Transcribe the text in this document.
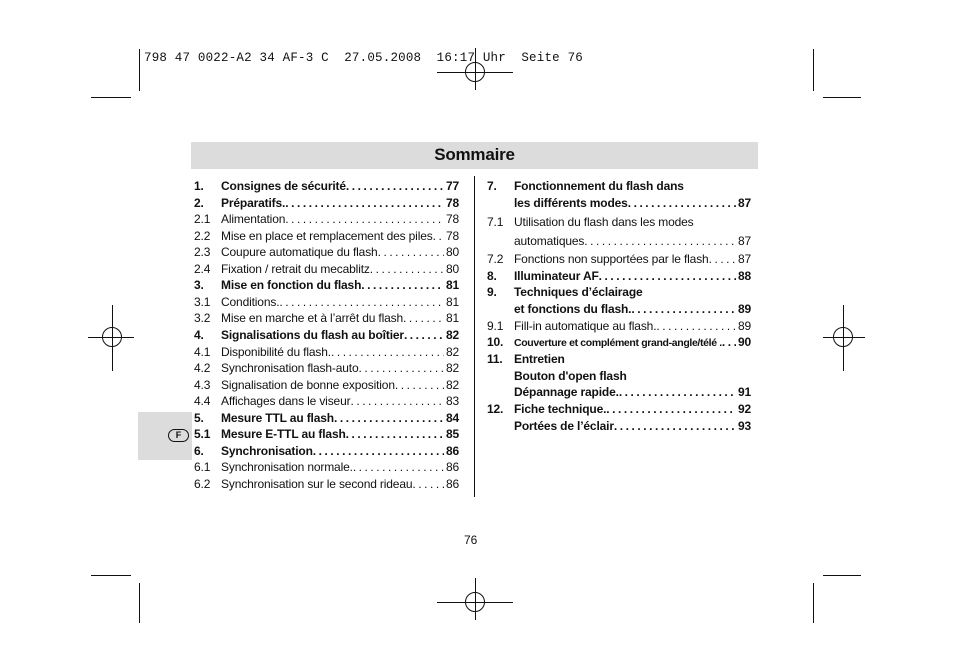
798 47 0022-A2 34 AF-3 C  27.05.2008  16:17 Uhr  Seite 76
Sommaire
F
1.	Consignes de sécurité . . .	77
2.	Préparatifs. . . .	78
2.1 Alimentation . . .	78
2.2 Mise en place et remplacement des piles . . . 78
2.3 Coupure automatique du flash . . .	80
2.4 Fixation / retrait du mecablitz . . .	80
3.	Mise en fonction du flash . . .	81
3.1 Conditions. . . .	81
3.2 Mise en marche et à l’arrêt du flash . . .	81
4.	Signalisations du flash au boîtier . . .	82
4.1 Disponibilité du flash. . . .	82
4.2 Synchronisation flash-auto . . .	82
4.3 Signalisation de bonne exposition . . .	82
4.4 Affichages dans le viseur . . .	83
5.	Mesure TTL au flash . . .	84
5.1 Mesure E-TTL au flash . . .	85
6.	Synchronisation . . .	86
6.1 Synchronisation normale. . . .	86
6.2 Synchronisation sur le second rideau . . .	86
7.	Fonctionnement du flash dans
les différents modes . . .	87
7.1 Utilisation du flash dans les modes
automatiques . . .	87
7.2 Fonctions non supportées par le flash . . . 87
8.	Illuminateur AF . . .	88
9.	Techniques d’éclairage
et fonctions du flash. . . .	89
9.1 Fill-in automatique au flash. . . .	89
10.	Couverture et complément grand-angle/télé . . . . 90
11. Entretien
Bouton d'open flash
Dépannage rapide. . . .	91
12. Fiche technique. . . .	92
Portées de l’éclair . . .	93
76
